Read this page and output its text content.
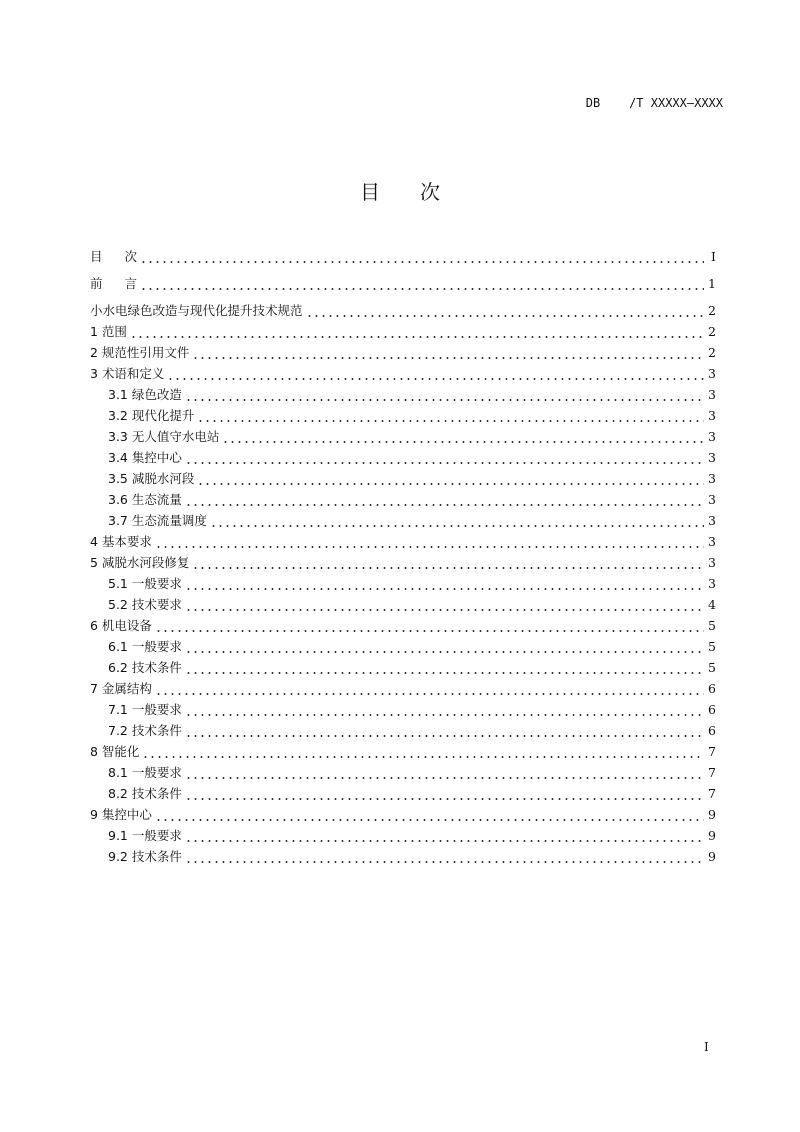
DB    /T XXXXX—XXXX
目 次
目 次	I
前 言	1
小水电绿色改造与现代化提升技术规范	2
1 范围	2
2 规范性引用文件	2
3 术语和定义	3
3.1 绿色改造	3
3.2 现代化提升	3
3.3 无人值守水电站	3
3.4 集控中心	3
3.5 减脱水河段	3
3.6 生态流量	3
3.7 生态流量调度	3
4 基本要求	3
5 减脱水河段修复	3
5.1 一般要求	3
5.2 技术要求	4
6 机电设备	5
6.1 一般要求	5
6.2 技术条件	5
7 金属结构	6
7.1 一般要求	6
7.2 技术条件	6
8 智能化	7
8.1 一般要求	7
8.2 技术条件	7
9 集控中心	9
9.1 一般要求	9
9.2 技术条件	9
I
